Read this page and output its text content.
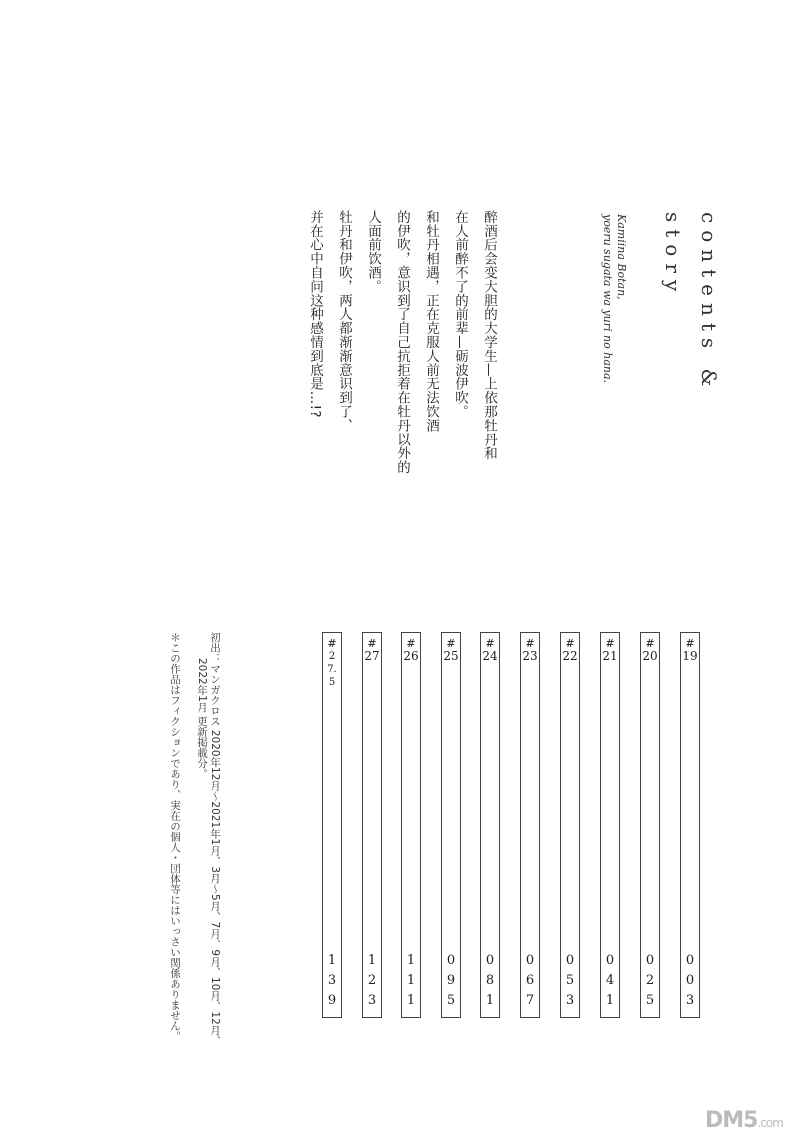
contents &
story
Kamiina Botan,
yoeru sugata wa yuri no hana.
醉酒后会变大胆的大学生—上依那牡丹和
在人前醉不了的前辈—砺波伊吹。
和牡丹相遇，正在克服人前无法饮酒
的伊吹，意识到了自己抗拒着在牡丹以外的
人面前饮酒。
牡丹和伊吹，两人都渐渐意识到了、
并在心中自问这种感情到底是…!?
#
19
0
0
3
#
20
0
2
5
#
21
0
4
1
#
22
0
5
3
#
23
0
6
7
#
24
0
8
1
#
25
0
9
5
#
26
1
1
1
#
27
1
2
3
#
27.5
1
3
9
初出：マンガクロス 2020年12月～2021年1月、3月～5月、7月、9月、10月、12月、
2022年1月 更新掲載分。
＊この作品はフィクションであり、実在の個人・団体等にはいっさい関係ありません。
DM5.com
